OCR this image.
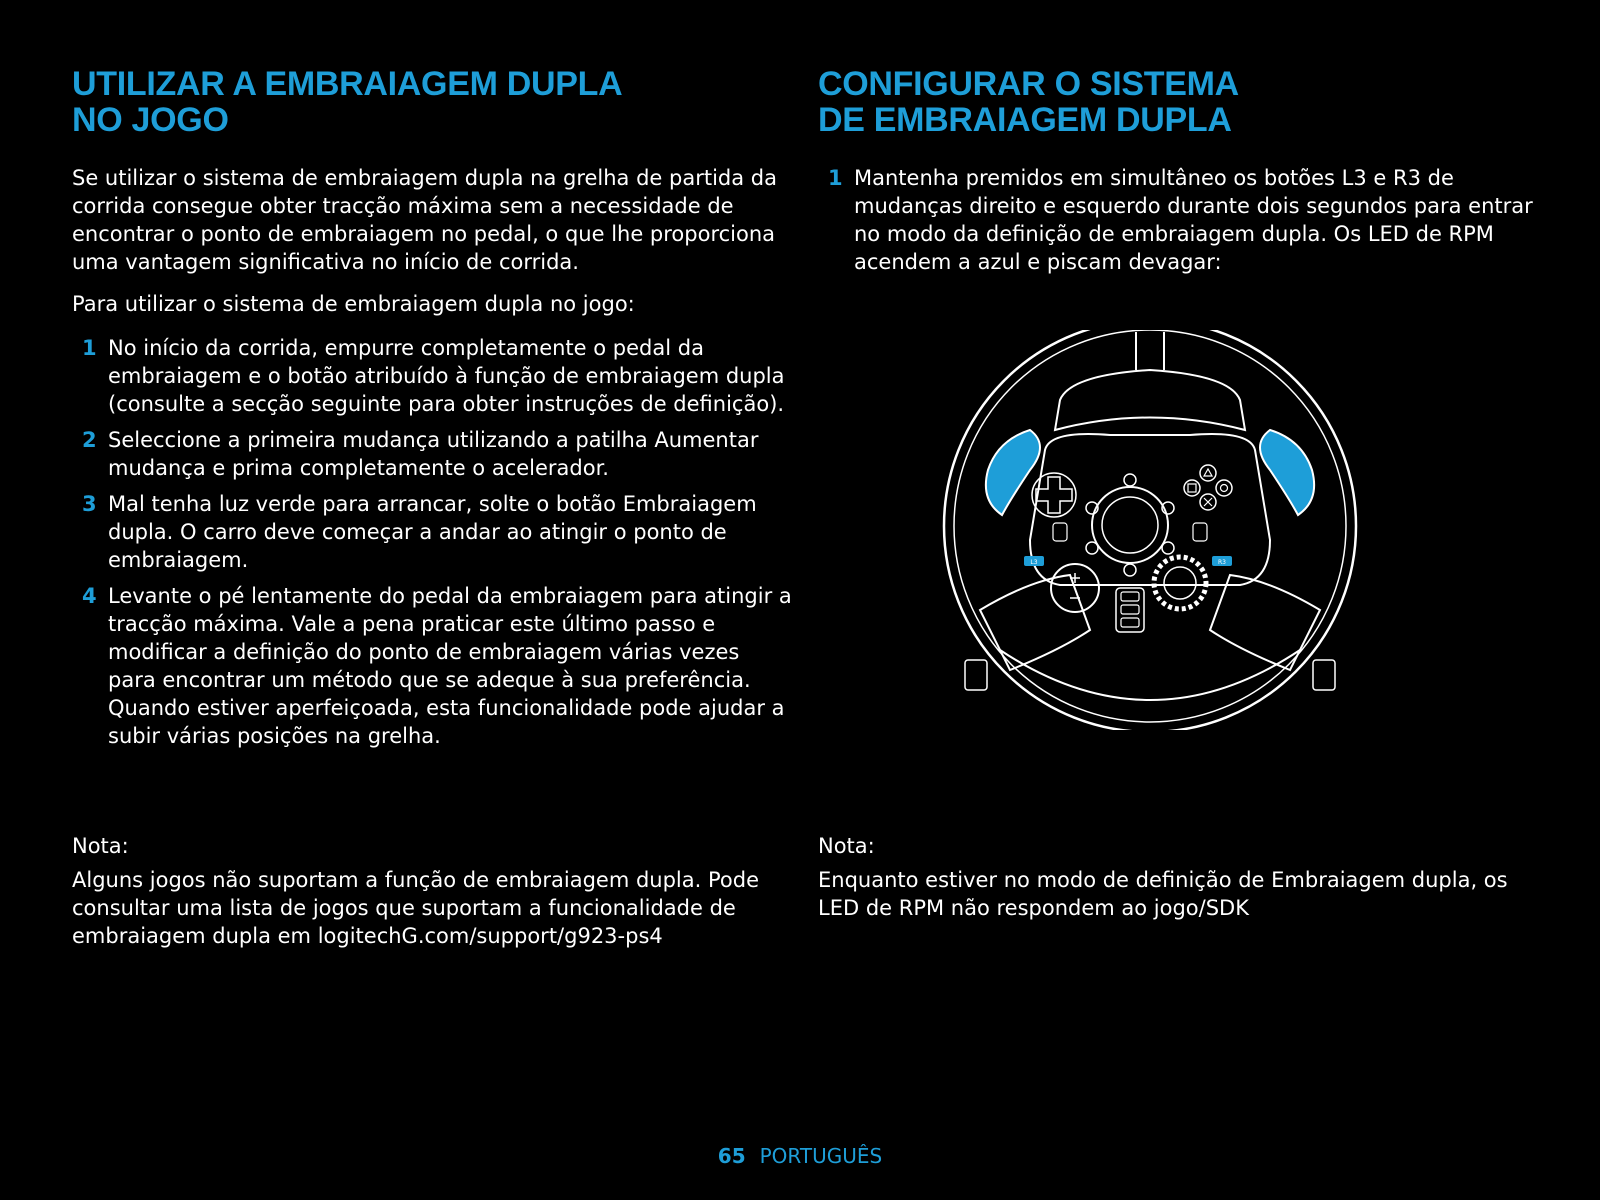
UTILIZAR A EMBRAIAGEM DUPLA
NO JOGO

Se utilizar o sistema de embraiagem dupla na grelha de partida da corrida consegue obter tracção máxima sem a necessidade de encontrar o ponto de embraiagem no pedal, o que lhe proporciona uma vantagem significativa no início de corrida.

Para utilizar o sistema de embraiagem dupla no jogo:

1 No início da corrida, empurre completamente o pedal da embraiagem e o botão atribuído à função de embraiagem dupla (consulte a secção seguinte para obter instruções de definição).
2 Seleccione a primeira mudança utilizando a patilha Aumentar mudança e prima completamente o acelerador.
3 Mal tenha luz verde para arrancar, solte o botão Embraiagem dupla. O carro deve começar a andar ao atingir o ponto de embraiagem.
4 Levante o pé lentamente do pedal da embraiagem para atingir a tracção máxima. Vale a pena praticar este último passo e modificar a definição do ponto de embraiagem várias vezes para encontrar um método que se adeque à sua preferência. Quando estiver aperfeiçoada, esta funcionalidade pode ajudar a subir várias posições na grelha.
Nota:
Alguns jogos não suportam a função de embraiagem dupla. Pode consultar uma lista de jogos que suportam a funcionalidade de embraiagem dupla em logitechG.com/support/g923-ps4
CONFIGURAR O SISTEMA
DE EMBRAIAGEM DUPLA
1 Mantenha premidos em simultâneo os botões L3 e R3 de mudanças direito e esquerdo durante dois segundos para entrar no modo da definição de embraiagem dupla. Os LED de RPM acendem a azul e piscam devagar:
L3	R3
Nota:
Enquanto estiver no modo de definição de Embraiagem dupla, os LED de RPM não respondem ao jogo/SDK
65 PORTUGUÊS
